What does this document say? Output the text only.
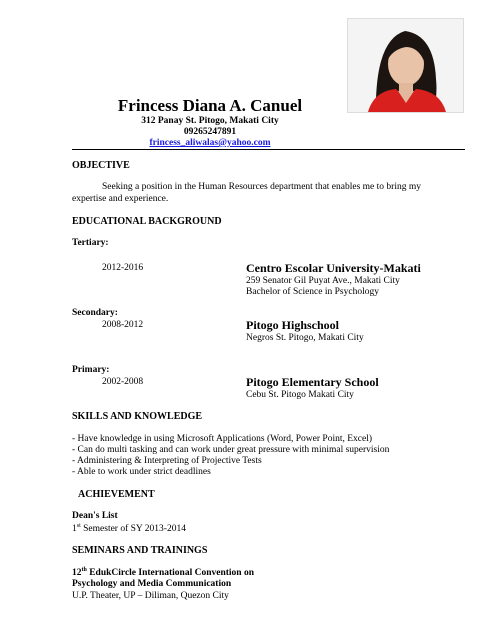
Frincess Diana A. Canuel
312 Panay St. Pitogo, Makati City
09265247891
frincess_aliwalas@yahoo.com
OBJECTIVE
Seeking a position in the Human Resources department that enables me to bring my
expertise and experience.
EDUCATIONAL BACKGROUND
Tertiary:
2012-2016	Centro Escolar University-Makati
259 Senator Gil Puyat Ave., Makati City
Bachelor of Science in Psychology
Secondary:
2008-2012	Pitogo Highschool
Negros St. Pitogo, Makati City
Primary:
2002-2008	Pitogo Elementary School
Cebu St. Pitogo Makati City
SKILLS AND KNOWLEDGE
- Have knowledge in using Microsoft Applications (Word, Power Point, Excel)
- Can do multi tasking and can work under great pressure with minimal supervision
- Administering & Interpreting of Projective Tests
- Able to work under strict deadlines
ACHIEVEMENT
Dean's List
1st Semester of SY 2013-2014
SEMINARS AND TRAININGS
12th EdukCircle International Convention on
Psychology and Media Communication
U.P. Theater, UP – Diliman, Quezon City
